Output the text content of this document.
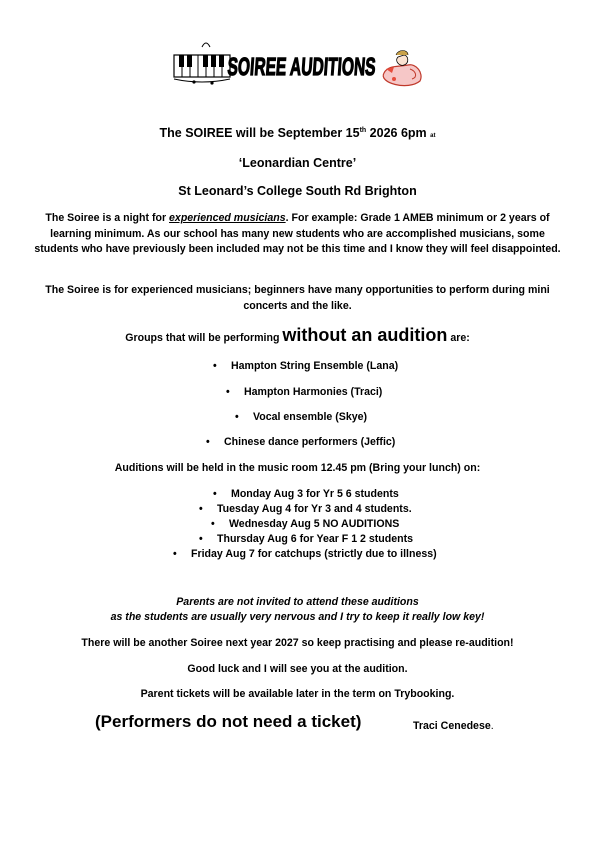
SOIREE AUDITIONS
The SOIREE will be September 15th 2026 6pm at
‘Leonardian Centre’
St Leonard’s College South Rd Brighton
The Soiree is a night for experienced musicians. For example: Grade 1 AMEB minimum or 2 years of learning minimum. As our school has many new students who are accomplished musicians, some students who have previously been included may not be this time and I know they will feel disappointed.
The Soiree is for experienced musicians; beginners have many opportunities to perform during mini concerts and the like.
Groups that will be performing without an audition are:
• Hampton String Ensemble (Lana)
• Hampton Harmonies (Traci)
• Vocal ensemble (Skye)
• Chinese dance performers (Jeffic)
Auditions will be held in the music room 12.45 pm (Bring your lunch) on:
• Monday Aug 3 for Yr 5 6 students
• Tuesday Aug 4 for Yr 3 and 4 students.
• Wednesday Aug 5 NO AUDITIONS
• Thursday Aug 6 for Year F 1 2 students
• Friday Aug 7 for catchups (strictly due to illness)
Parents are not invited to attend these auditions
as the students are usually very nervous and I try to keep it really low key!
There will be another Soiree next year 2027 so keep practising and please re-audition!
Good luck and I will see you at the audition.
Parent tickets will be available later in the term on Trybooking.
(Performers do not need a ticket)	Traci Cenedese.
